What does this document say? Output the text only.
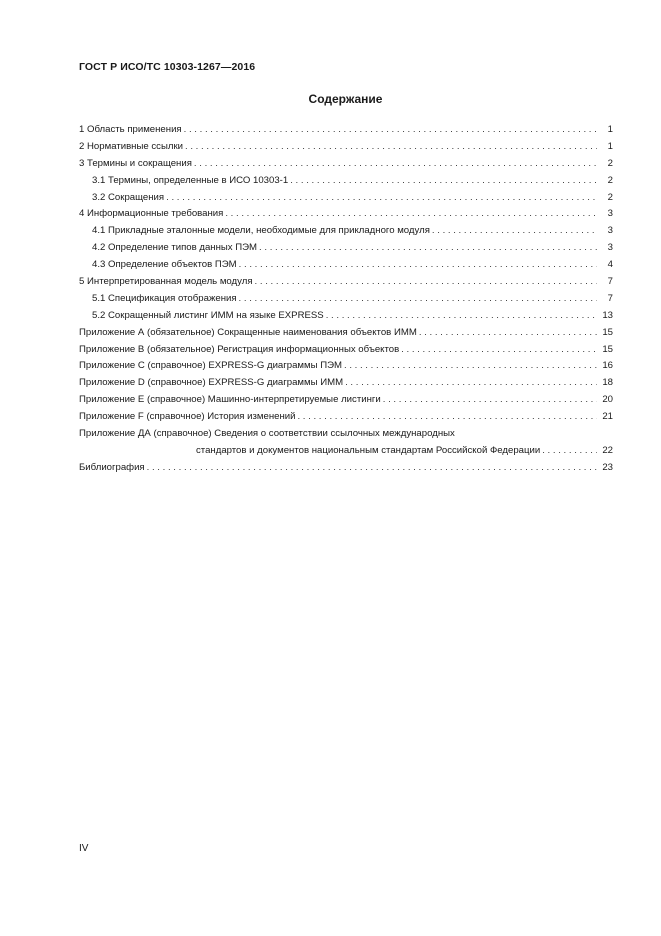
ГОСТ Р ИСО/ТС 10303-1267—2016
Содержание
1 Область применения . . .	1
2 Нормативные ссылки . . .	1
3 Термины и сокращения . . .	2
3.1 Термины, определенные в ИСО 10303-1 . . .	2
3.2 Сокращения . . .	2
4 Информационные требования . . .	3
4.1 Прикладные эталонные модели, необходимые для прикладного модуля . . .	3
4.2 Определение типов данных ПЭМ . . .	3
4.3 Определение объектов ПЭМ . . .	4
5 Интерпретированная модель модуля . . .	7
5.1 Спецификация отображения . . .	7
5.2 Сокращенный листинг ИММ на языке EXPRESS . . .	13
Приложение А (обязательное) Сокращенные наименования объектов ИММ . . .	15
Приложение В (обязательное) Регистрация информационных объектов . . .	15
Приложение С (справочное) EXPRESS-G диаграммы ПЭМ . . .	16
Приложение D (справочное) EXPRESS-G диаграммы ИММ . . .	18
Приложение Е (справочное) Машинно-интерпретируемые листинги . . .	20
Приложение F (справочное) История изменений . . .	21
Приложение ДА (справочное) Сведения о соответствии ссылочных международных
стандартов и документов национальным стандартам Российской Федерации . . .	22
Библиография . . .	23
IV
